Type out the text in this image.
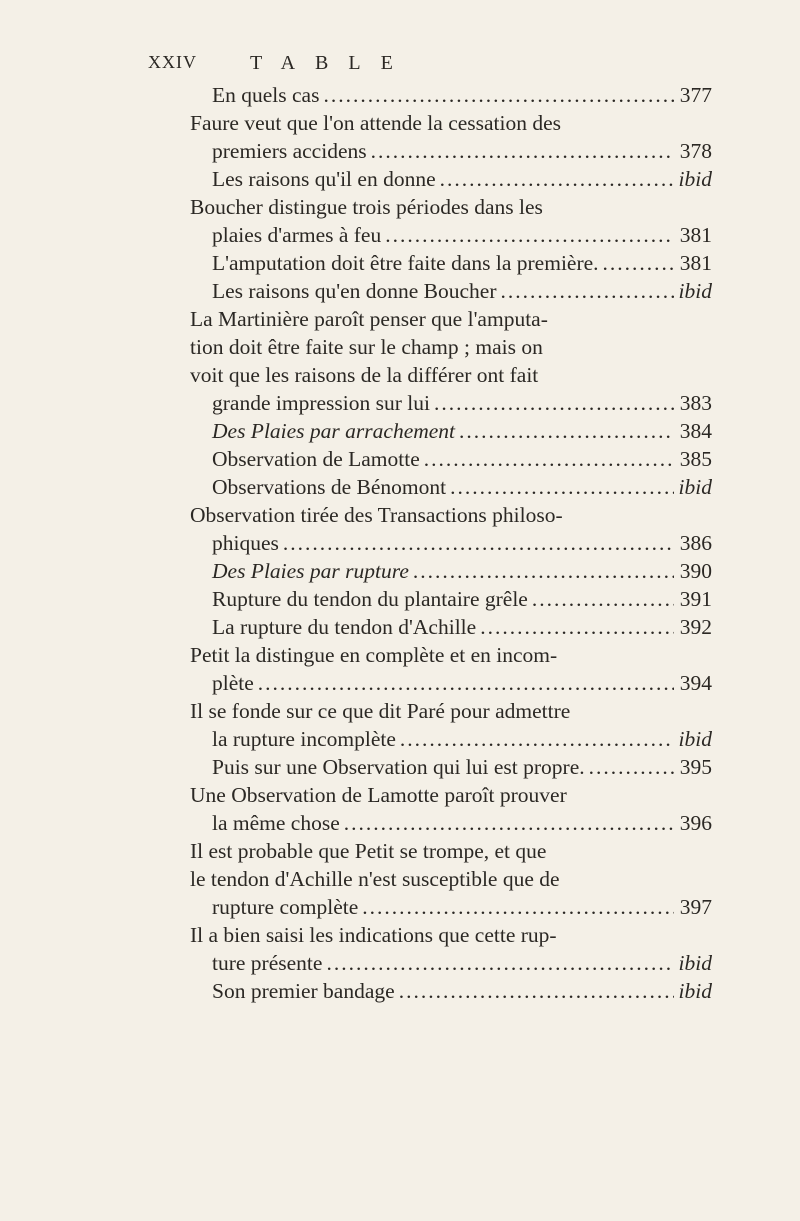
XXIV	TABLE
En quels cas .....	377
Faure veut que l'on attende la cessation des
premiers accidens .....	378
Les raisons qu'il en donne .....	ibid
Boucher distingue trois périodes dans les
plaies d'armes à feu .....	381
L'amputation doit être faite dans la première. .....	381
Les raisons qu'en donne Boucher .....	ibid
La Martinière paroît penser que l'amputa-
tion doit être faite sur le champ ; mais on
voit que les raisons de la différer ont fait
grande impression sur lui .....	383
Des Plaies par arrachement .....	384
Observation de Lamotte .....	385
Observations de Bénomont .....	ibid
Observation tirée des Transactions philoso-
phiques .....	386
Des Plaies par rupture .....	390
Rupture du tendon du plantaire grêle .....	391
La rupture du tendon d'Achille .....	392
Petit la distingue en complète et en incom-
plète .....	394
Il se fonde sur ce que dit Paré pour admettre
la rupture incomplète .....	ibid
Puis sur une Observation qui lui est propre. .....	395
Une Observation de Lamotte paroît prouver
la même chose .....	396
Il est probable que Petit se trompe, et que
le tendon d'Achille n'est susceptible que de
rupture complète .....	397
Il a bien saisi les indications que cette rup-
ture présente .....	ibid
Son premier bandage .....	ibid
